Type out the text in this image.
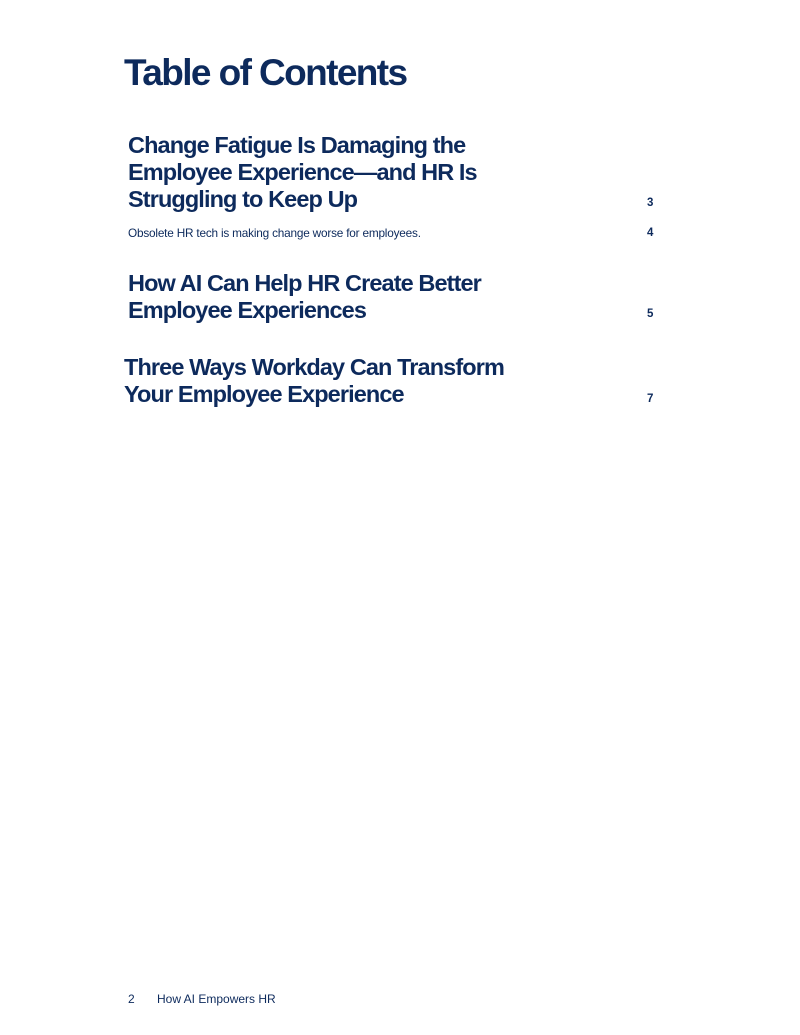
Table of Contents
Change Fatigue Is Damaging the
Employee Experience—and HR Is
Struggling to Keep Up	3
Obsolete HR tech is making change worse for employees.	4
How AI Can Help HR Create Better
Employee Experiences	5
Three Ways Workday Can Transform
Your Employee Experience	7
2 How AI Empowers HR
